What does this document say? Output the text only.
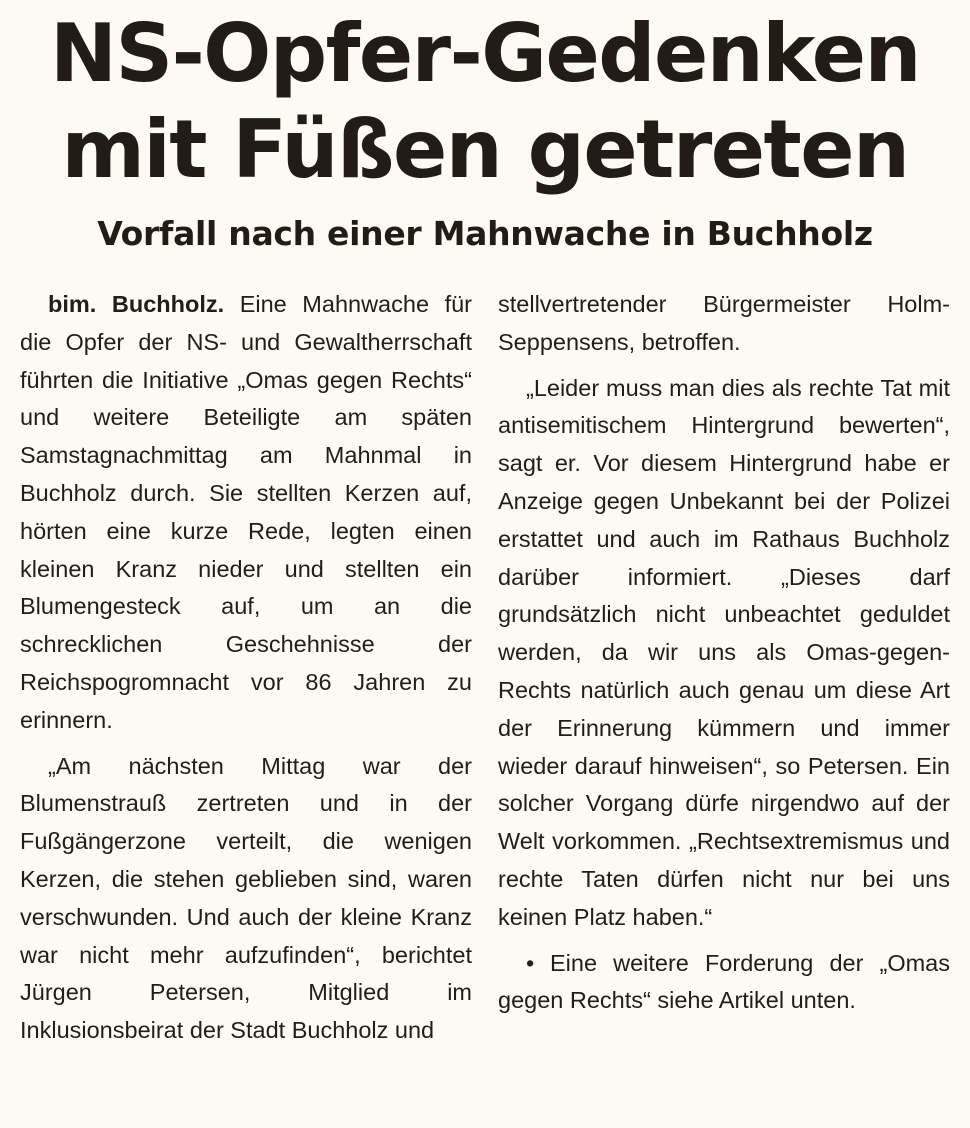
NS-Opfer-Gedenken
mit Füßen getreten
Vorfall nach einer Mahnwache in Buchholz

bim. Buchholz. Eine Mahnwache für die Opfer der NS- und Gewaltherrschaft führten die Initiative „Omas gegen Rechts“ und weitere Beteiligte am späten Samstagnachmittag am Mahnmal in Buchholz durch. Sie stellten Kerzen auf, hörten eine kurze Rede, legten einen kleinen Kranz nieder und stellten ein Blumengesteck auf, um an die schrecklichen Geschehnisse der Reichspogromnacht vor 86 Jahren zu erinnern.

„Am nächsten Mittag war der Blumenstrauß zertreten und in der Fußgängerzone verteilt, die wenigen Kerzen, die stehen geblieben sind, waren verschwunden. Und auch der kleine Kranz war nicht mehr aufzufinden“, berichtet Jürgen Petersen, Mitglied im Inklusionsbeirat der Stadt Buchholz und

stellvertretender Bürgermeister Holm-Seppensens, betroffen.

„Leider muss man dies als rechte Tat mit antisemitischem Hintergrund bewerten“, sagt er. Vor diesem Hintergrund habe er Anzeige gegen Unbekannt bei der Polizei erstattet und auch im Rathaus Buchholz darüber informiert. „Dieses darf grundsätzlich nicht unbeachtet geduldet werden, da wir uns als Omas-gegen-Rechts natürlich auch genau um diese Art der Erinnerung kümmern und immer wieder darauf hinweisen“, so Petersen. Ein solcher Vorgang dürfe nirgendwo auf der Welt vorkommen. „Rechtsextremismus und rechte Taten dürfen nicht nur bei uns keinen Platz haben.“

• Eine weitere Forderung der „Omas gegen Rechts“ siehe Artikel unten.
